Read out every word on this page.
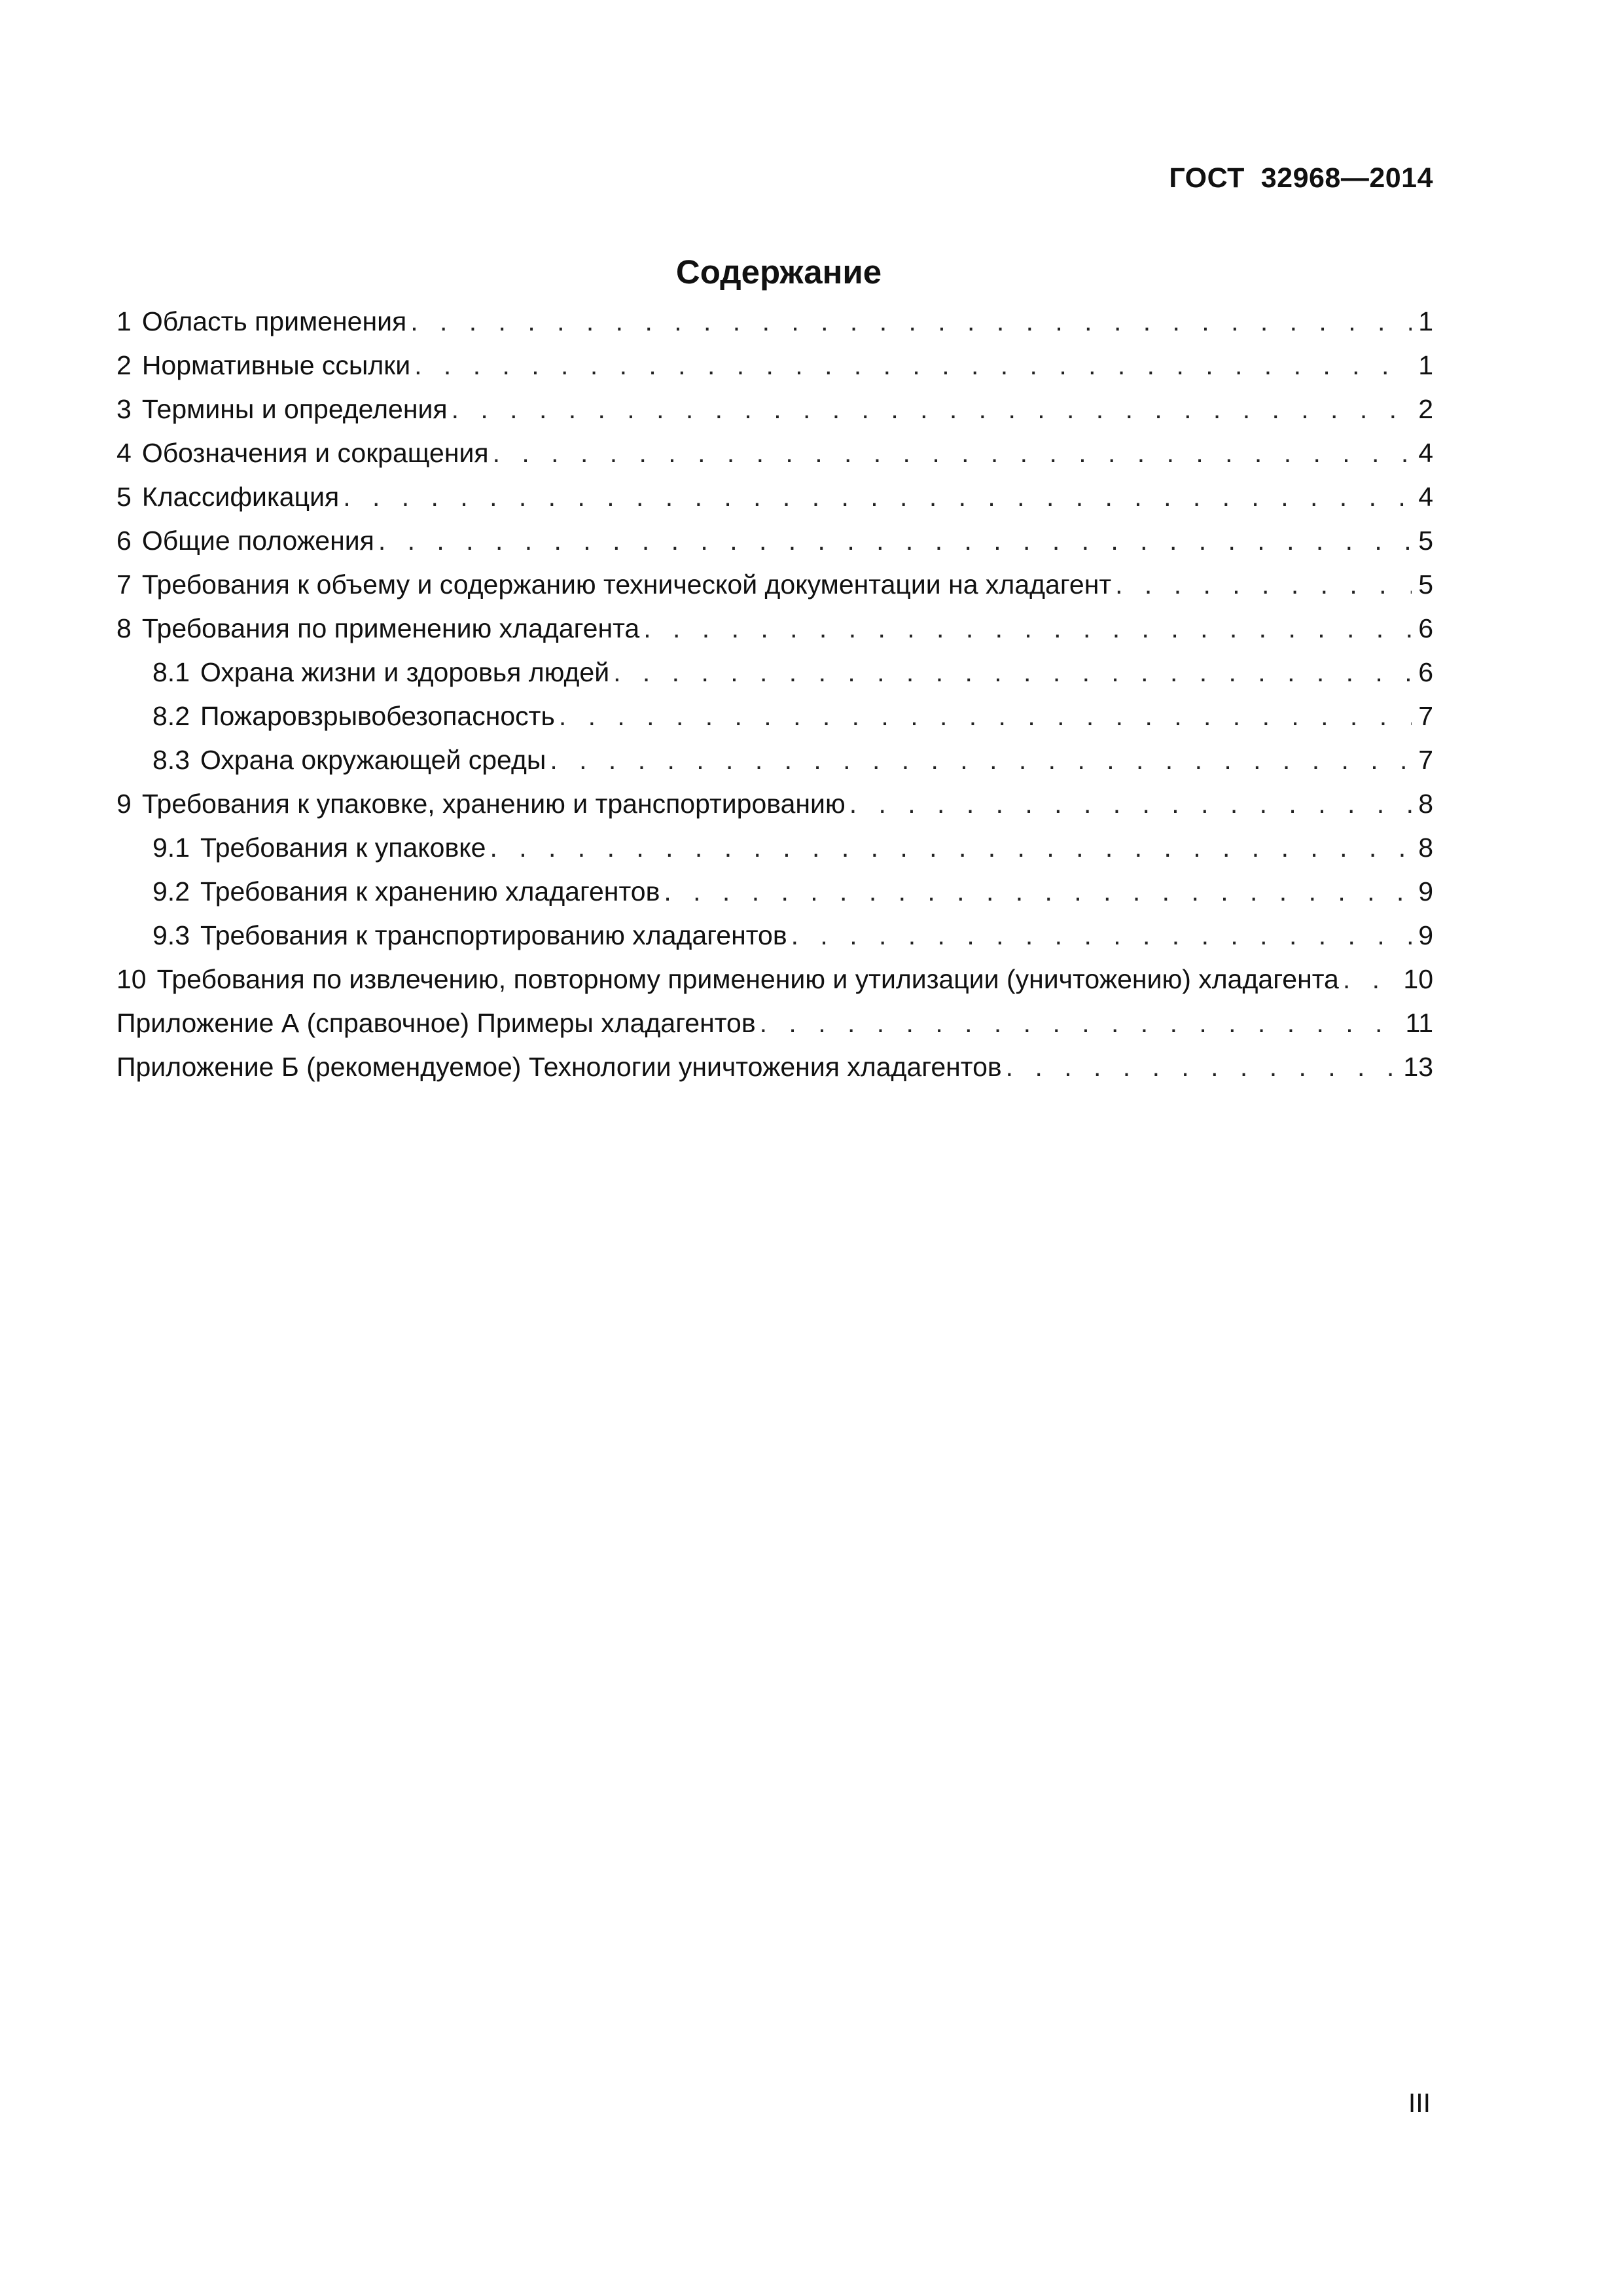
ГОСТ  32968—2014
Содержание
1 Область применения . . .	1
2 Нормативные ссылки . . .	1
3 Термины и определения . . .	2
4 Обозначения и сокращения . . .	4
5 Классификация . . .	4
6 Общие положения . . .	5
7 Требования к объему и содержанию технической документации на хладагент . . .	5
8 Требования по применению хладагента . . .	6
8.1 Охрана жизни и здоровья людей . . .	6
8.2 Пожаровзрывобезопасность . . .	7
8.3 Охрана окружающей среды . . .	7
9 Требования к упаковке, хранению и транспортированию . . .	8
9.1 Требования к упаковке . . .	8
9.2 Требования к хранению хладагентов . . .	9
9.3 Требования к транспортированию хладагентов . . .	9
10 Требования по извлечению, повторному применению и утилизации (уничтожению) хладагента . . . 10
Приложение А (справочное) Примеры хладагентов . . .	11
Приложение Б (рекомендуемое) Технологии уничтожения хладагентов . . .	13
III
